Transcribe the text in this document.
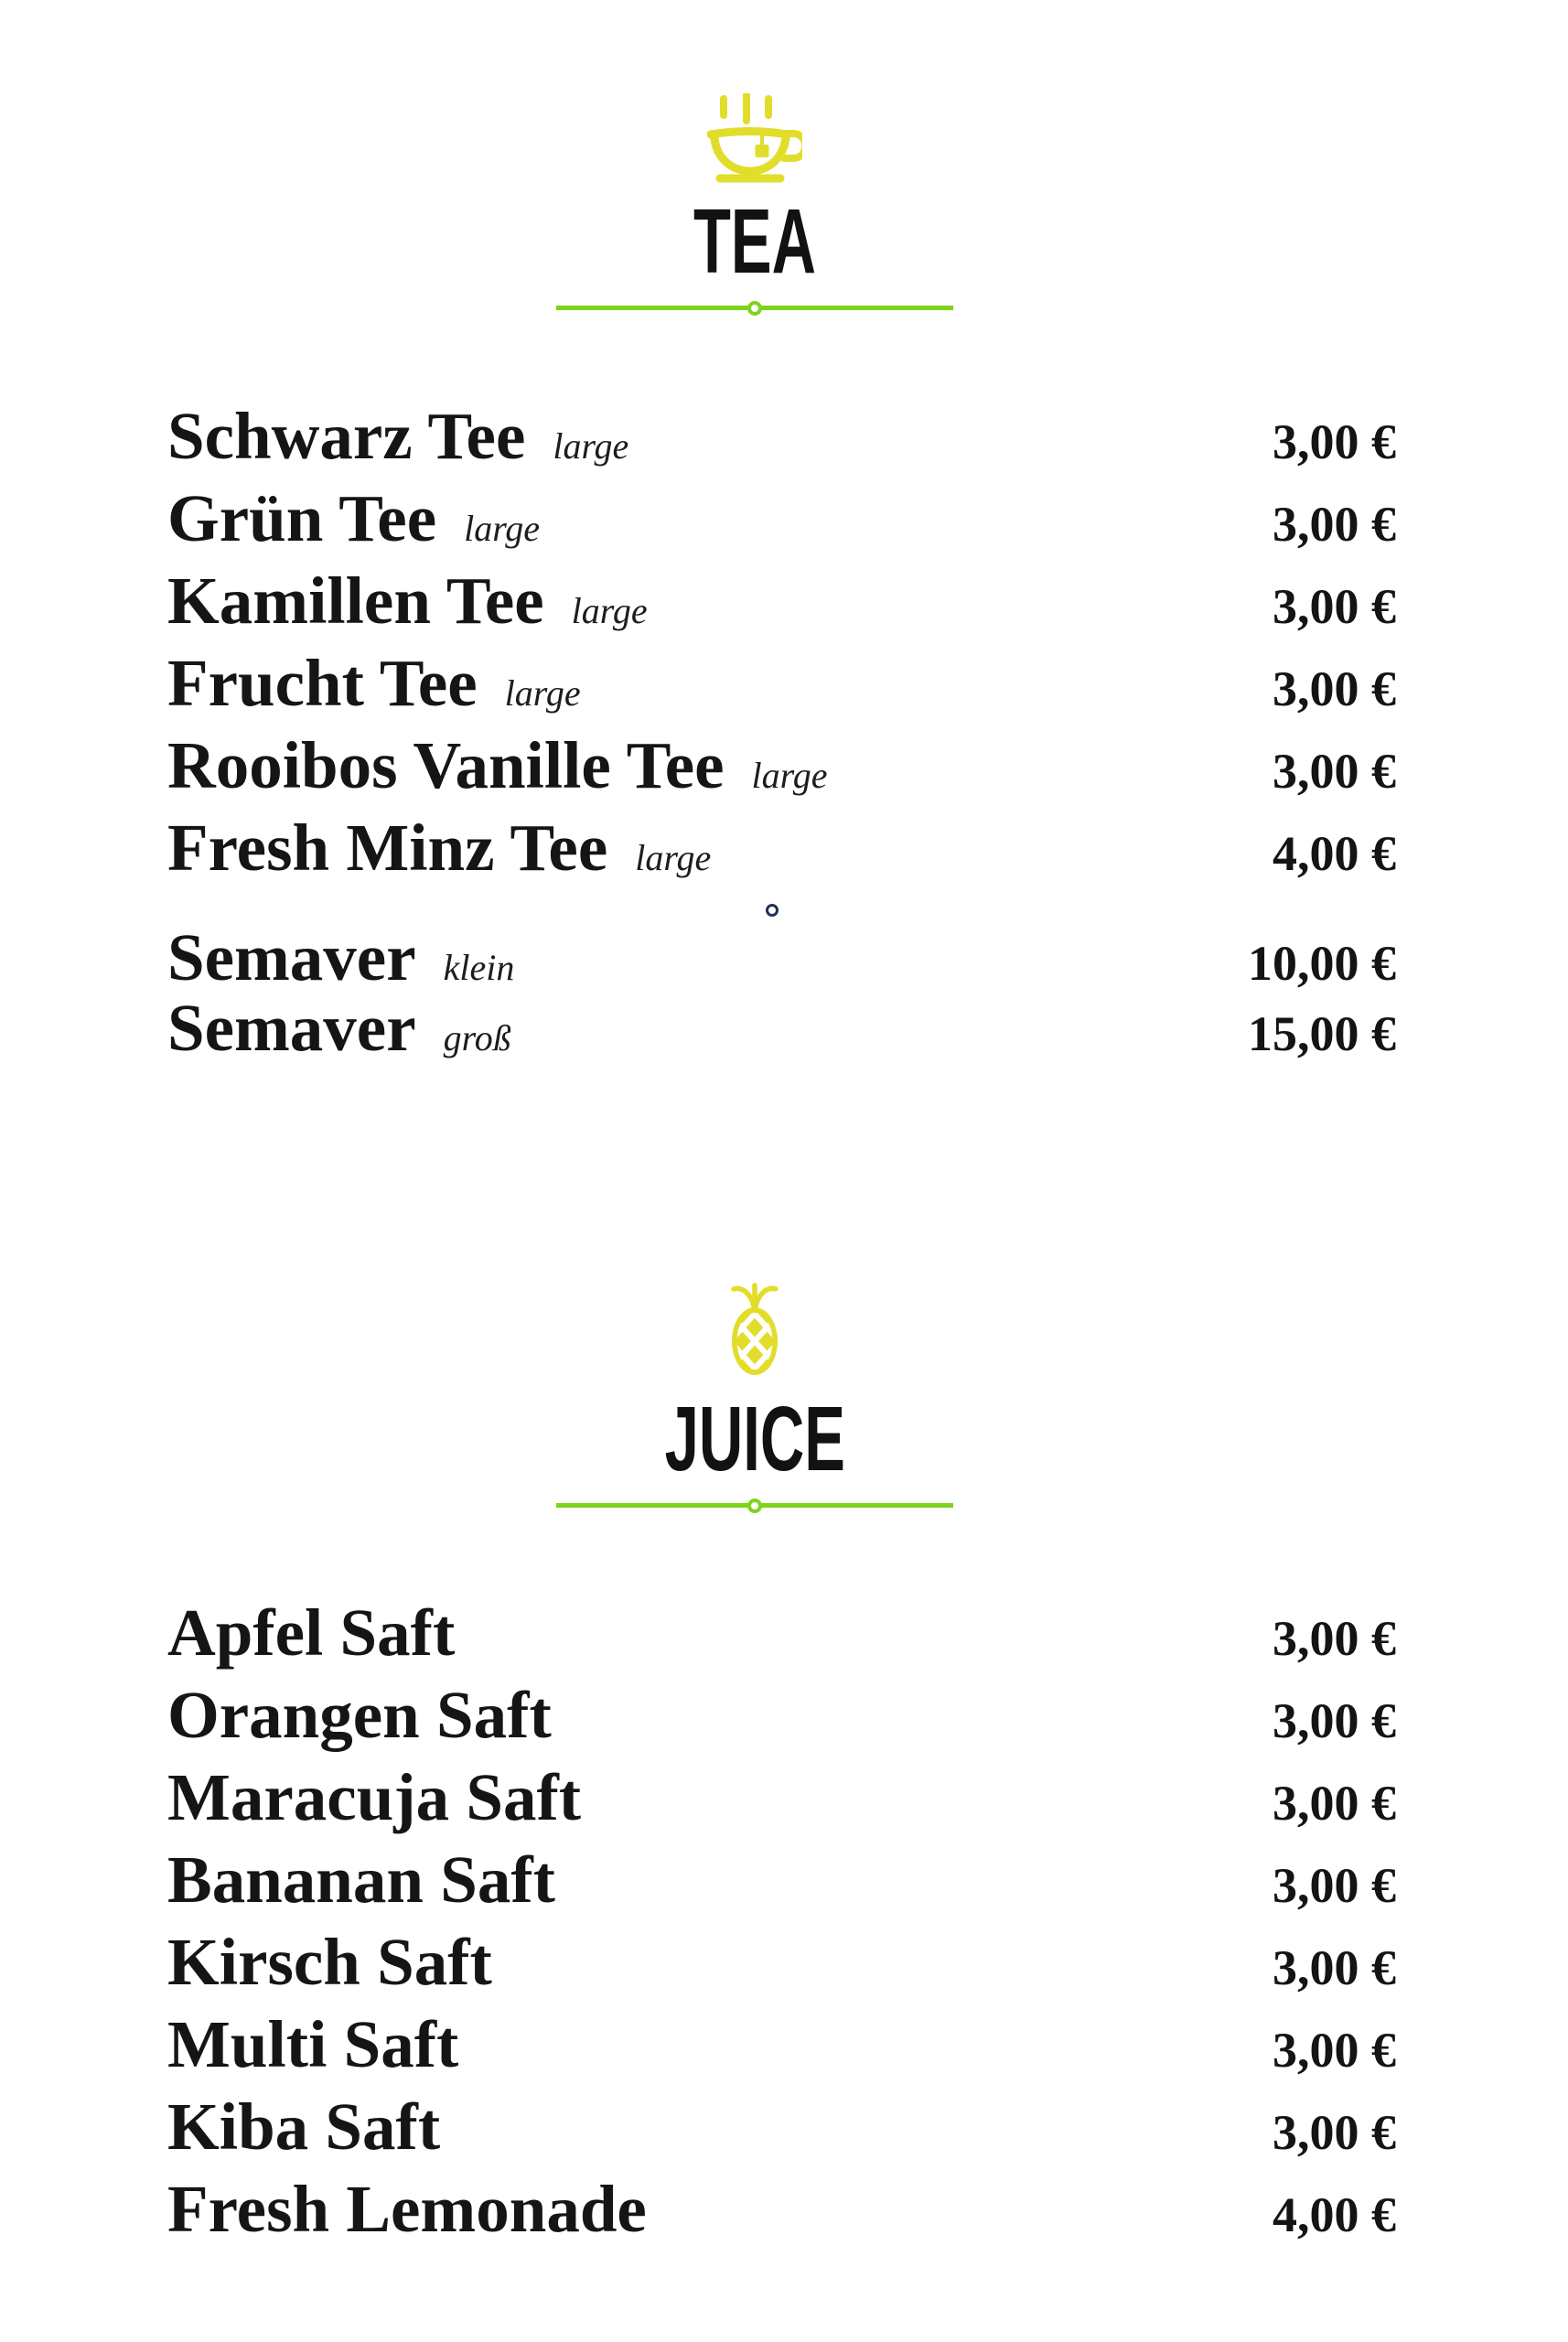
TEA
Schwarz Tee large	3,00 €
Grün Tee large	3,00 €
Kamillen Tee large	3,00 €
Frucht Tee large	3,00 €
Rooibos Vanille Tee large	3,00 €
Fresh Minz Tee large	4,00 €
Semaver klein	10,00 €
Semaver groß	15,00 €
JUICE
Apfel Saft	3,00 €
Orangen Saft	3,00 €
Maracuja Saft	3,00 €
Bananan Saft	3,00 €
Kirsch Saft	3,00 €
Multi Saft	3,00 €
Kiba Saft	3,00 €
Fresh Lemonade	4,00 €
